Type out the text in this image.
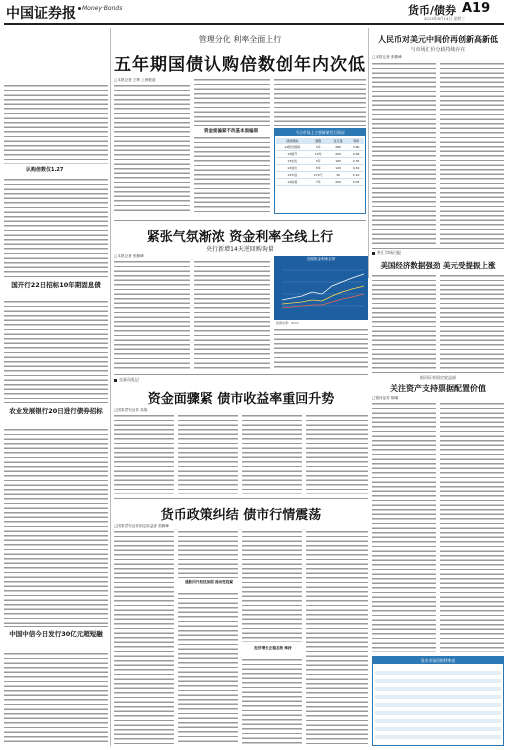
中国证券报 Money·Bonds	货币/债券 A19
2013年8月14日 星期三
认购倍数仅1.27
国开行22日招标10年期固息债
农业发展银行20日进行债券招标
中国中信今日发行30亿元超短融
管理分化 利率全面上行
五年期国债认购倍数创年内次低
□本报记者 王辉 上海报道
资金面偏紧不改基本面偏弱	今日市场上主要新债发行情况
债券简称	期限	发行量	利率
13附息国债	5年	280	3.80
13国开	10年	200	4.66
13农发	3年	160	4.35
13进出	5年	120	4.52
13中信	270天	30	5.10
13铁道	7年	200	5.05
人民币对美元中间价再创新高新低
与市场汇价分歧持续存在
□本报记者 张勤峰
外汇市场日报
美国经济数据强劲 美元受提振上涨
紧张气氛渐浓 资金利率全线上行
央行新增14天逆回购询量
□本报记者 张勤峰
近期资金利率走势
数据来源：Wind
银河证券固定收益部
关注资产支持票据配置价值
□银河证券 陈曦
交易员札记
资金面骤紧 债市收益率重回升势
□国泰君安证券 高翔
货币政策纠结 债市行情震荡
□国泰君安证券固定收益部 张勤峰
通胀回升担忧加剧 流动性趋紧
经济增长企稳态势 维持
货币市场回购利率表
